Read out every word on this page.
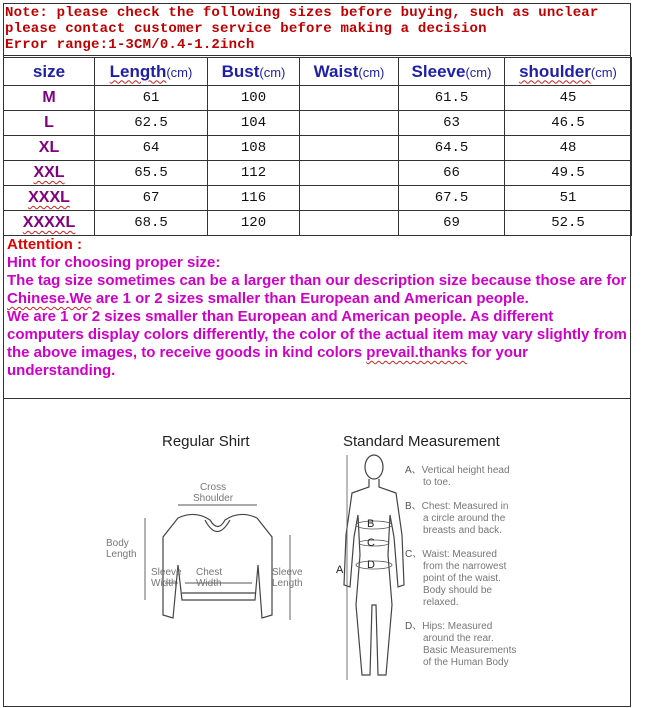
Note: please check the following sizes before buying, such as unclear
please contact customer service before making a decision
Error range:1-3CM/0.4-1.2inch
size	Length(cm)	Bust(cm)	Waist(cm)	Sleeve(cm)	shoulder(cm)
M	61	100		61.5	45
L	62.5	104		63	46.5
XL	64	108		64.5	48
XXL	65.5	112		66	49.5
XXXL	67	116		67.5	51
XXXXL	68.5	120		69	52.5
Attention :
Hint for choosing proper size:
The tag size sometimes can be a larger than our description size because those are for Chinese.We are 1 or 2 sizes smaller than European and American people.
We are 1 or 2 sizes smaller than European and American people. As different computers display colors differently, the color of the actual item may vary slightly from the above images, to receive goods in kind colors prevail.thanks for your understanding.
Regular Shirt	Standard Measurement
Cross
Shoulder
Body
Length
Sleeve
Width
Chest
Width
Sleeve
Length
A
B
C
D
A、Vertical height head
to toe.
B、Chest: Measured in
a circle around the
breasts and back.
C、Waist: Measured
from the narrowest
point of the waist.
Body should be
relaxed.
D、Hips: Measured
around the rear.
Basic Measurements
of the Human Body
